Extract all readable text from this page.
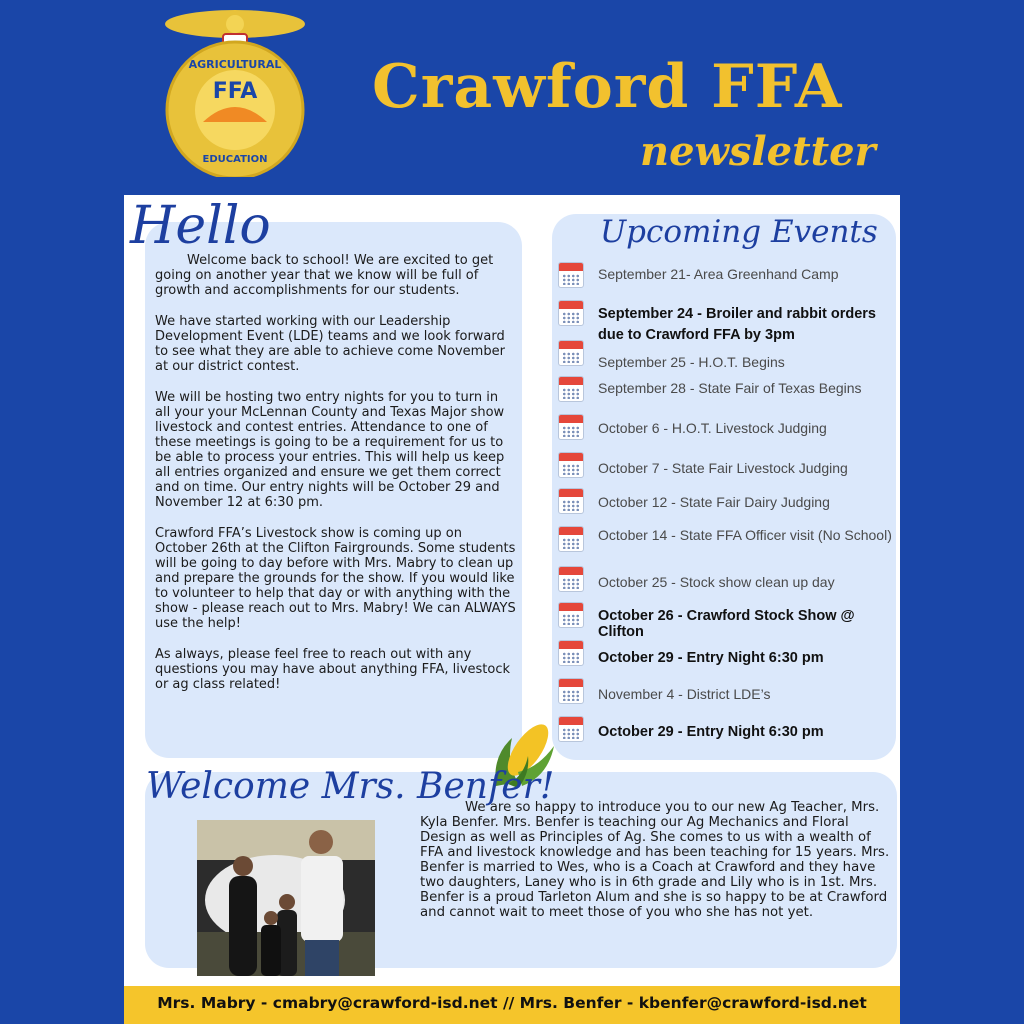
FFA
AGRICULTURAL
EDUCATION
Crawford FFA
newsletter
Hello

Welcome back to school! We are excited to get going on another year that we know will be full of growth and accomplishments for our students.

We have started working with our Leadership Development Event (LDE) teams and we look forward to see what they are able to achieve come November at our district contest.

We will be hosting two entry nights for you to turn in all your your McLennan County and Texas Major show livestock and contest entries. Attendance to one of these meetings is going to be a requirement for us to be able to process your entries. This will help us keep all entries organized and ensure we get them correct and on time. Our entry nights will be October 29 and November 12 at 6:30 pm.

Crawford FFA’s Livestock show is coming up on October 26th at the Clifton Fairgrounds. Some students will be going to day before with Mrs. Mabry to clean up and prepare the grounds for the show. If you would like to volunteer to help that day or with anything with the show - please reach out to Mrs. Mabry! We can ALWAYS use the help!

As always, please feel free to reach out with any questions you may have about anything FFA, livestock or ag class related!

Upcoming Events
September 21- Area Greenhand Camp
September 24 - Broiler and rabbit orders due to Crawford FFA by 3pm
September 25 - H.O.T. Begins
September 28 - State Fair of Texas Begins
October 6 - H.O.T. Livestock Judging
October 7 - State Fair Livestock Judging
October 12 - State Fair Dairy Judging
October 14 - State FFA Officer visit (No School)
October 25 - Stock show clean up day
October 26 - Crawford Stock Show @ Clifton
October 29 - Entry Night 6:30 pm
November 4 - District LDE’s
October 29 - Entry Night 6:30 pm
Welcome Mrs. Benfer!

We are so happy to introduce you to our new Ag Teacher, Mrs. Kyla Benfer. Mrs. Benfer is teaching our Ag Mechanics and Floral Design as well as Principles of Ag. She comes to us with a wealth of FFA and livestock knowledge and has been teaching for 15 years. Mrs. Benfer is married to Wes, who is a Coach at Crawford and they have two daughters, Laney who is in 6th grade and Lily who is in 1st. Mrs. Benfer is a proud Tarleton Alum and she is so happy to be at Crawford and cannot wait to meet those of you who she has not yet.

Mrs. Mabry - cmabry@crawford-isd.net // Mrs. Benfer - kbenfer@crawford-isd.net
